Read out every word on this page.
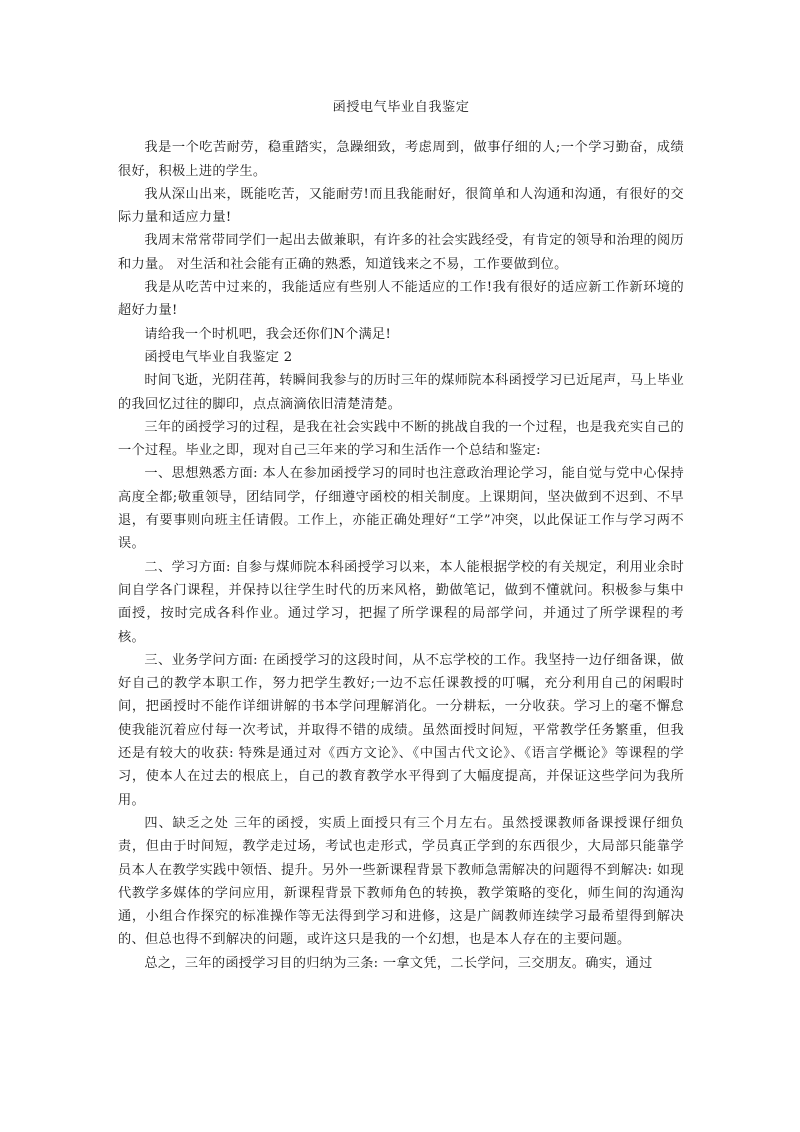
函授电气毕业自我鉴定

我是一个吃苦耐劳，稳重踏实，急躁细致，考虑周到，做事仔细的人;一个学习勤奋，成绩很好，积极上进的学生。

我从深山出来，既能吃苦，又能耐劳!而且我能耐好，很简单和人沟通和沟通，有很好的交际力量和适应力量!

我周末常常带同学们一起出去做兼职，有许多的社会实践经受，有肯定的领导和治理的阅历和力量。 对生活和社会能有正确的熟悉，知道钱来之不易，工作要做到位。

我是从吃苦中过来的，我能适应有些别人不能适应的工作!我有很好的适应新工作新环境的超好力量!

请给我一个时机吧，我会还你们N个满足!

函授电气毕业自我鉴定 2

时间飞逝，光阴荏苒，转瞬间我参与的历时三年的煤师院本科函授学习已近尾声，马上毕业的我回忆过往的脚印，点点滴滴依旧清楚清楚。

三年的函授学习的过程，是我在社会实践中不断的挑战自我的一个过程，也是我充实自己的一个过程。毕业之即，现对自己三年来的学习和生活作一个总结和鉴定:

一、思想熟悉方面: 本人在参加函授学习的同时也注意政治理论学习，能自觉与党中心保持高度全都;敬重领导，团结同学，仔细遵守函校的相关制度。上课期间，坚决做到不迟到、不早退，有要事则向班主任请假。工作上，亦能正确处理好“工学”冲突，以此保证工作与学习两不误。

二、学习方面: 自参与煤师院本科函授学习以来，本人能根据学校的有关规定，利用业余时间自学各门课程，并保持以往学生时代的历来风格，勤做笔记，做到不懂就问。积极参与集中面授，按时完成各科作业。通过学习，把握了所学课程的局部学问，并通过了所学课程的考核。

三、业务学问方面: 在函授学习的这段时间，从不忘学校的工作。我坚持一边仔细备课，做好自己的教学本职工作，努力把学生教好;一边不忘任课教授的叮嘱，充分利用自己的闲暇时间，把函授时不能作详细讲解的书本学问理解消化。一分耕耘，一分收获。学习上的毫不懈怠使我能沉着应付每一次考试，并取得不错的成绩。虽然面授时间短，平常教学任务繁重，但我还是有较大的收获: 特殊是通过对《西方文论》、《中国古代文论》、《语言学概论》等课程的学习，使本人在过去的根底上，自己的教育教学水平得到了大幅度提高，并保证这些学问为我所用。

四、缺乏之处 三年的函授，实质上面授只有三个月左右。虽然授课教师备课授课仔细负责，但由于时间短，教学走过场，考试也走形式，学员真正学到的东西很少，大局部只能靠学员本人在教学实践中领悟、提升。另外一些新课程背景下教师急需解决的问题得不到解决: 如现代教学多媒体的学问应用，新课程背景下教师角色的转换，教学策略的变化，师生间的沟通沟通，小组合作探究的标准操作等无法得到学习和进修，这是广阔教师连续学习最希望得到解决的、但总也得不到解决的问题，或许这只是我的一个幻想，也是本人存在的主要问题。

总之，三年的函授学习目的归纳为三条: 一拿文凭，二长学问，三交朋友。确实，通过
